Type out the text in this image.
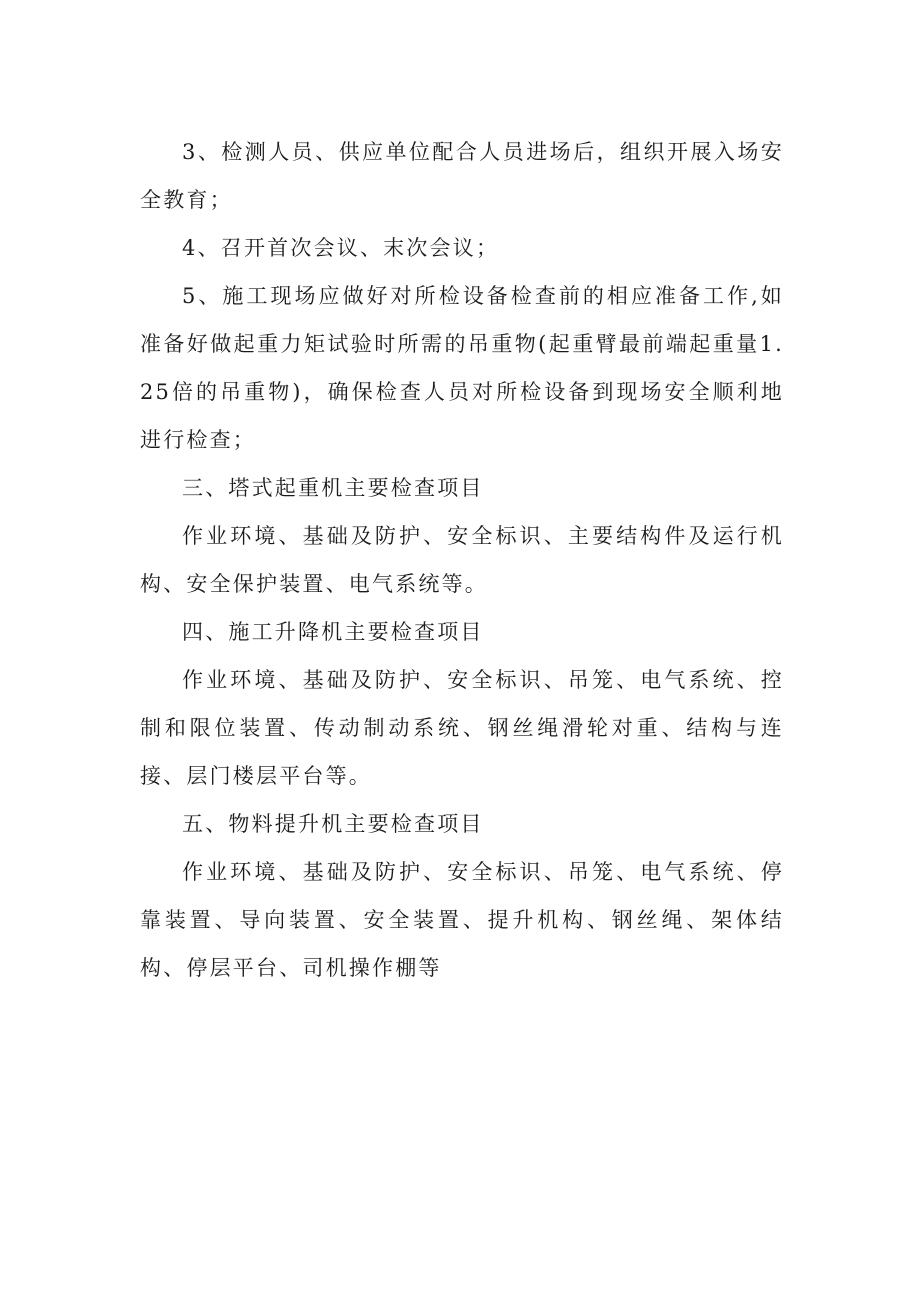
3、检测人员、供应单位配合人员进场后，组织开展入场安全教育；

4、召开首次会议、末次会议；

5、施工现场应做好对所检设备检查前的相应准备工作,如准备好做起重力矩试验时所需的吊重物(起重臂最前端起重量1.25倍的吊重物)，确保检查人员对所检设备到现场安全顺利地进行检查；

三、塔式起重机主要检查项目

作业环境、基础及防护、安全标识、主要结构件及运行机构、安全保护装置、电气系统等。

四、施工升降机主要检查项目

作业环境、基础及防护、安全标识、吊笼、电气系统、控制和限位装置、传动制动系统、钢丝绳滑轮对重、结构与连接、层门楼层平台等。

五、物料提升机主要检查项目

作业环境、基础及防护、安全标识、吊笼、电气系统、停靠装置、导向装置、安全装置、提升机构、钢丝绳、架体结构、停层平台、司机操作棚等
